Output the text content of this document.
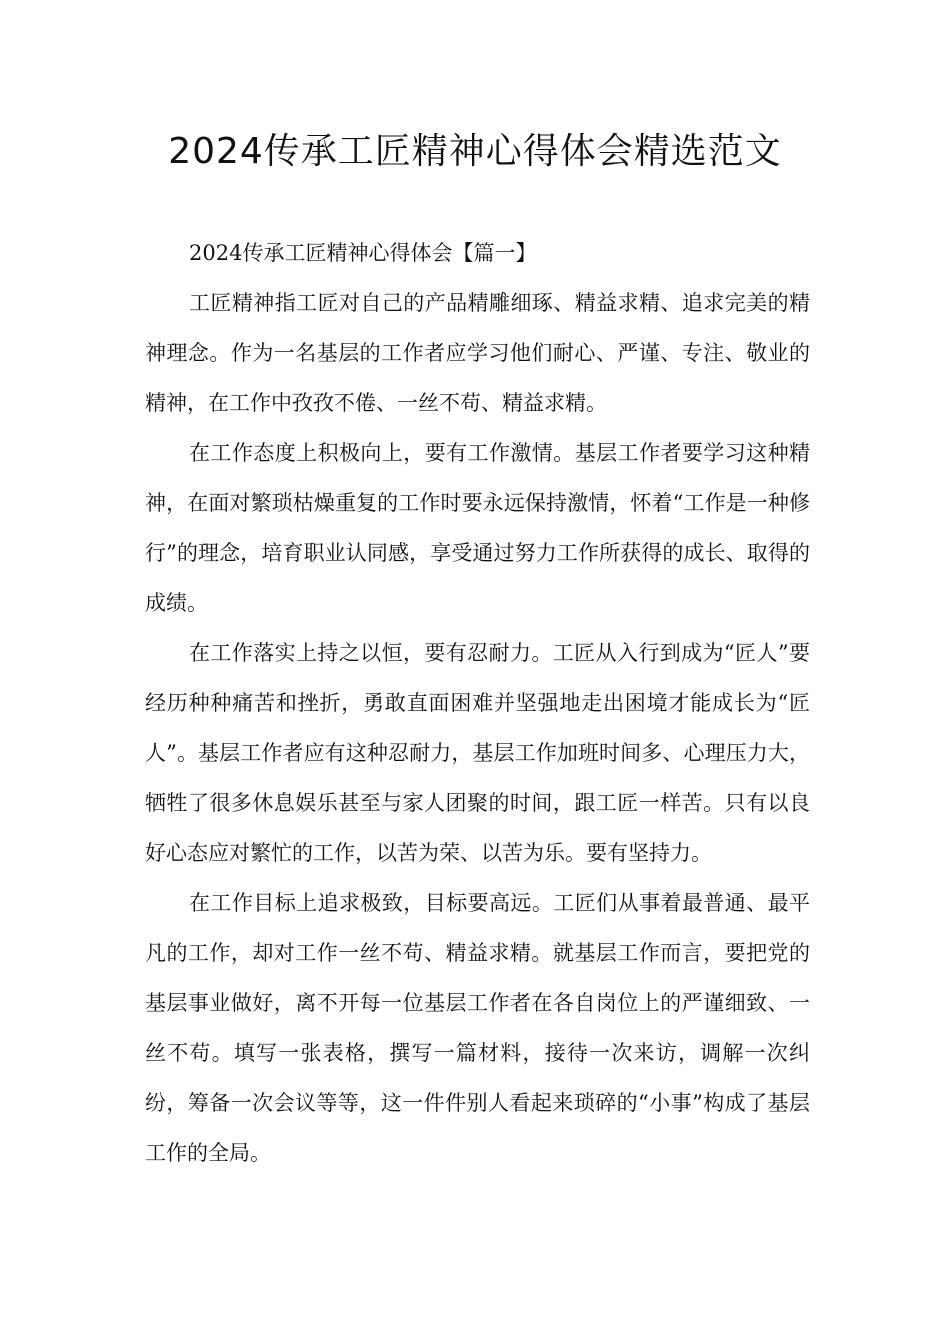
2024传承工匠精神心得体会精选范文

2024传承工匠精神心得体会【篇一】

工匠精神指工匠对自己的产品精雕细琢、精益求精、追求完美的精神理念。作为一名基层的工作者应学习他们耐心、严谨、专注、敬业的精神，在工作中孜孜不倦、一丝不苟、精益求精。

在工作态度上积极向上，要有工作激情。基层工作者要学习这种精神，在面对繁琐枯燥重复的工作时要永远保持激情，怀着“工作是一种修行”的理念，培育职业认同感，享受通过努力工作所获得的成长、取得的成绩。

在工作落实上持之以恒，要有忍耐力。工匠从入行到成为“匠人”要经历种种痛苦和挫折，勇敢直面困难并坚强地走出困境才能成长为“匠人”。基层工作者应有这种忍耐力，基层工作加班时间多、心理压力大，牺牲了很多休息娱乐甚至与家人团聚的时间，跟工匠一样苦。只有以良好心态应对繁忙的工作，以苦为荣、以苦为乐。要有坚持力。

在工作目标上追求极致，目标要高远。工匠们从事着最普通、最平凡的工作，却对工作一丝不苟、精益求精。就基层工作而言，要把党的基层事业做好，离不开每一位基层工作者在各自岗位上的严谨细致、一丝不苟。填写一张表格，撰写一篇材料，接待一次来访，调解一次纠纷，筹备一次会议等等，这一件件别人看起来琐碎的“小事”构成了基层工作的全局。
